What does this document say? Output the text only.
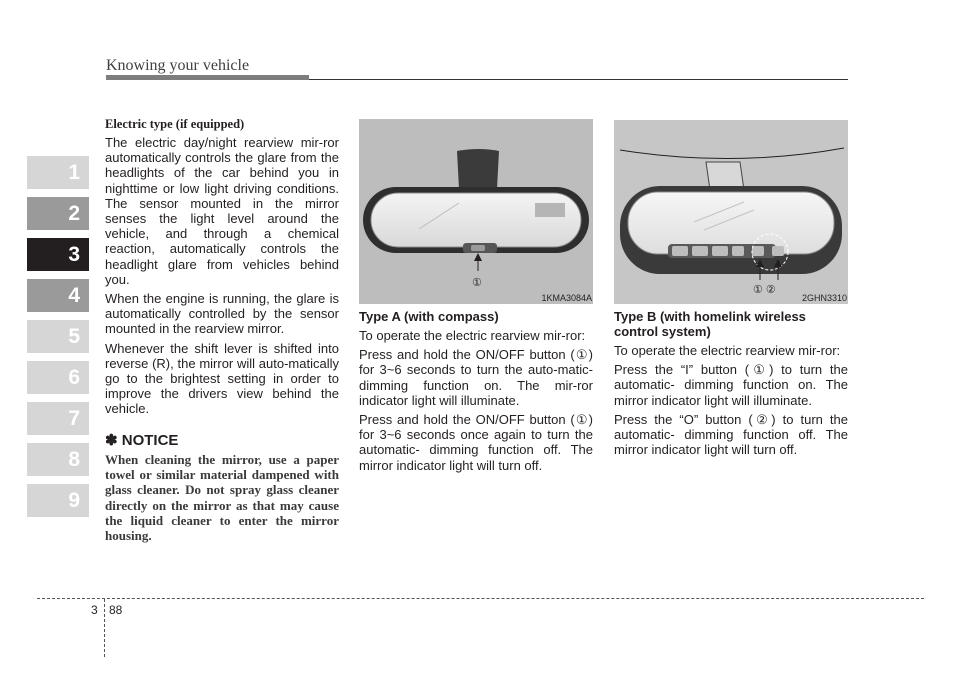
Knowing your vehicle
1
2
3
4
5
6
7
8
9
Electric type (if equipped)

The electric day/night rearview mir-ror automatically controls the glare from the headlights of the car behind you in nighttime or low light driving conditions. The sensor mounted in the mirror senses the light level around the vehicle, and through a chemical reaction, automatically controls the headlight glare from vehicles behind you.

When the engine is running, the glare is automatically controlled by the sensor mounted in the rearview mirror.

Whenever the shift lever is shifted into reverse (R), the mirror will auto-matically go to the brightest setting in order to improve the drivers view behind the vehicle.

✽ NOTICE
When cleaning the mirror, use a paper towel or similar material dampened with glass cleaner. Do not spray glass cleaner directly on the mirror as that may cause the liquid cleaner to enter the mirror housing.
①
1KMA3084A
Type A (with compass)

To operate the electric rearview mir-ror:

Press and hold the ON/OFF button (①) for 3~6 seconds to turn the auto-matic- dimming function on. The mir-ror indicator light will illuminate.

Press and hold the ON/OFF button (①) for 3~6 seconds once again to turn the automatic- dimming function off. The mirror indicator light will turn off.

① ②
2GHN3310
Type B (with homelink wireless control system)

To operate the electric rearview mir-ror:

Press the “I” button (①) to turn the automatic- dimming function on. The mirror indicator light will illuminate.

Press the “O” button (②) to turn the automatic- dimming function off. The mirror indicator light will turn off.

3 88
